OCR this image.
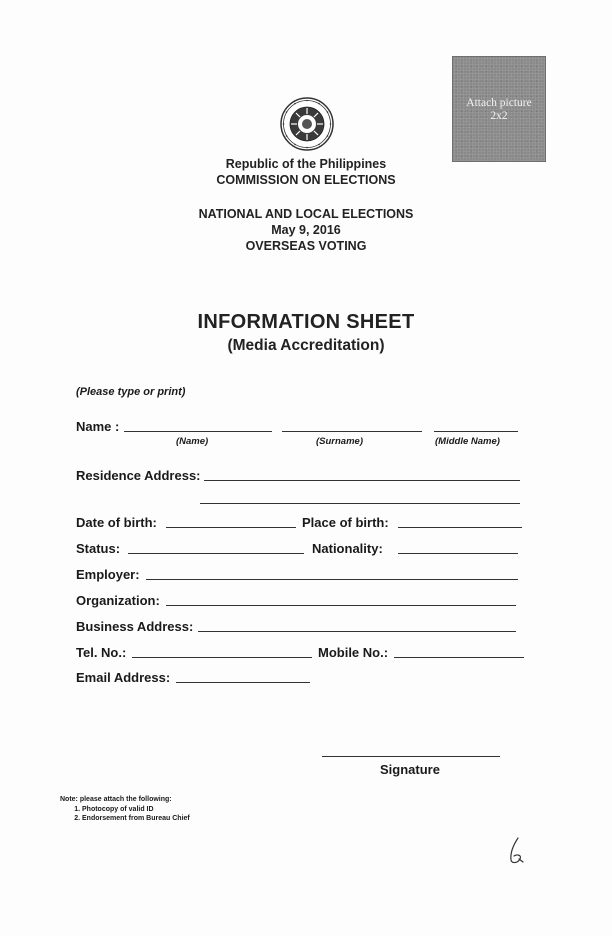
Attach picture
2x2
Republic of the Philippines
COMMISSION ON ELECTIONS
NATIONAL AND LOCAL ELECTIONS
May 9, 2016
OVERSEAS VOTING
INFORMATION SHEET
(Media Accreditation)
(Please type or print)
Name :
(Name)	(Surname)	(Middle Name)
Residence Address:
Date of birth:	Place of birth:
Status:	Nationality:
Employer:
Organization:
Business Address:
Tel. No.:	Mobile No.:
Email Address:
Signature
Note: please attach the following:
1. Photocopy of valid ID
2. Endorsement from Bureau Chief
